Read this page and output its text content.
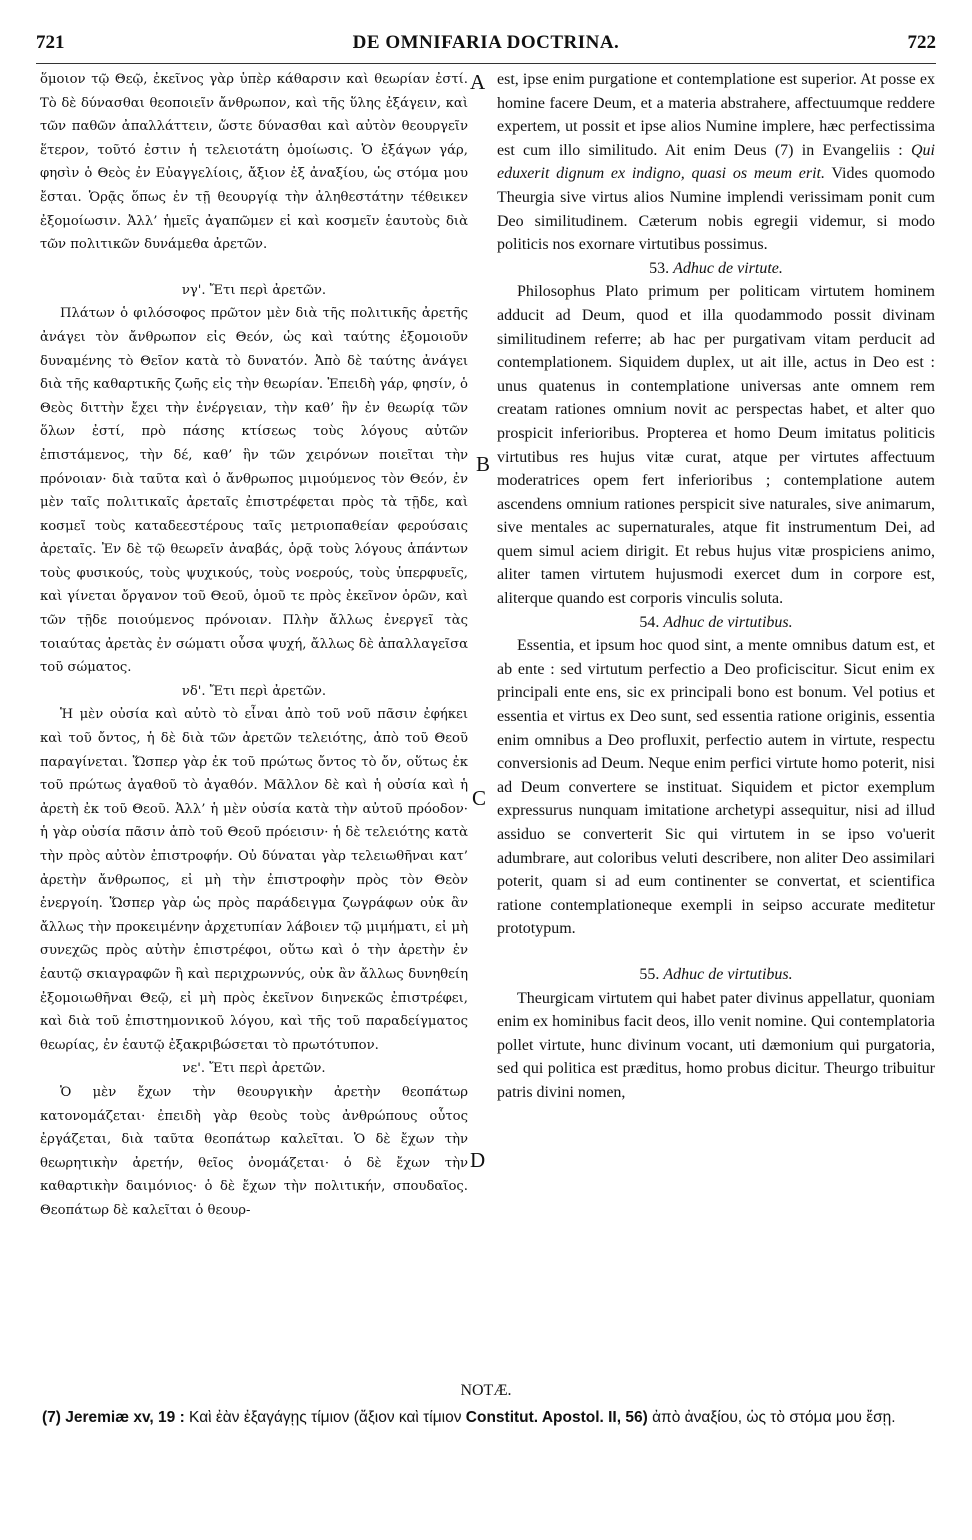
721	DE OMNIFARIA DOCTRINA.	722

ὅμοιον τῷ Θεῷ, ἐκεῖνος γὰρ ὑπὲρ κάθαρσιν καὶ θεωρίαν ἐστί. Τὸ δὲ δύνασθαι θεοποιεῖν ἄνθρωπον, καὶ τῆς ὕλης ἐξάγειν, καὶ τῶν παθῶν ἀπαλλάττειν, ὥστε δύνασθαι καὶ αὐτὸν θεουργεῖν ἕτερον, τοῦτό ἐστιν ἡ τελειοτάτη ὁμοίωσις. Ὁ ἐξάγων γάρ, φησὶν ὁ Θεὸς ἐν Εὐαγγελίοις, ἄξιον ἐξ ἀναξίου, ὡς στόμα μου ἔσται. Ὁρᾷς ὅπως ἐν τῇ θεουργίᾳ τὴν ἀληθεστάτην τέθεικεν ἐξομοίωσιν. Ἀλλ’ ἡμεῖς ἀγαπῶμεν εἰ καὶ κοσμεῖν ἑαυτοὺς διὰ τῶν πολιτικῶν δυνάμεθα ἀρετῶν.

νγ'. Ἔτι περὶ ἀρετῶν.

Πλάτων ὁ φιλόσοφος πρῶτον μὲν διὰ τῆς πολιτικῆς ἀρετῆς ἀνάγει τὸν ἄνθρωπον εἰς Θεόν, ὡς καὶ ταύτης ἐξομοιοῦν δυναμένης τὸ Θεῖον κατὰ τὸ δυνατόν. Ἀπὸ δὲ ταύτης ἀνάγει διὰ τῆς καθαρτικῆς ζωῆς εἰς τὴν θεωρίαν. Ἐπειδὴ γάρ, φησίν, ὁ Θεὸς διττὴν ἔχει τὴν ἐνέργειαν, τὴν καθ’ ἣν ἐν θεωρίᾳ τῶν ὅλων ἐστί, πρὸ πάσης κτίσεως τοὺς λόγους αὐτῶν ἐπιστάμενος, τὴν δέ, καθ’ ἣν τῶν χειρόνων ποιεῖται τὴν πρόνοιαν· διὰ ταῦτα καὶ ὁ ἄνθρωπος μιμούμενος τὸν Θεόν, ἐν μὲν ταῖς πολιτικαῖς ἀρεταῖς ἐπιστρέφεται πρὸς τὰ τῇδε, καὶ κοσμεῖ τοὺς καταδεεστέρους ταῖς μετριοπαθείαν φερούσαις ἀρεταῖς. Ἐν δὲ τῷ θεωρεῖν ἀναβάς, ὁρᾷ τοὺς λόγους ἁπάντων τοὺς φυσικούς, τοὺς ψυχικούς, τοὺς νοερούς, τοὺς ὑπερφυεῖς, καὶ γίνεται ὄργανον τοῦ Θεοῦ, ὁμοῦ τε πρὸς ἐκεῖνον ὁρῶν, καὶ τῶν τῇδε ποιούμενος πρόνοιαν. Πλὴν ἄλλως ἐνεργεῖ τὰς τοιαύτας ἀρετὰς ἐν σώματι οὖσα ψυχή, ἄλλως δὲ ἀπαλλαγεῖσα τοῦ σώματος.

νδ'. Ἔτι περὶ ἀρετῶν.

Ἡ μὲν οὐσία καὶ αὐτὸ τὸ εἶναι ἀπὸ τοῦ νοῦ πᾶσιν ἐφήκει καὶ τοῦ ὄντος, ἡ δὲ διὰ τῶν ἀρετῶν τελειότης, ἀπὸ τοῦ Θεοῦ παραγίνεται. Ὥσπερ γὰρ ἐκ τοῦ πρώτως ὄντος τὸ ὄν, οὕτως ἐκ τοῦ πρώτως ἀγαθοῦ τὸ ἀγαθόν. Μᾶλλον δὲ καὶ ἡ οὐσία καὶ ἡ ἀρετὴ ἐκ τοῦ Θεοῦ. Ἀλλ’ ἡ μὲν οὐσία κατὰ τὴν αὐτοῦ πρόοδον· ἡ γὰρ οὐσία πᾶσιν ἀπὸ τοῦ Θεοῦ πρόεισιν· ἡ δὲ τελειότης κατὰ τὴν πρὸς αὐτὸν ἐπιστροφήν. Οὐ δύναται γὰρ τελειωθῆναι κατ’ ἀρετὴν ἄνθρωπος, εἰ μὴ τὴν ἐπιστροφὴν πρὸς τὸν Θεὸν ἐνεργοίη. Ὥσπερ γὰρ ὡς πρὸς παράδειγμα ζωγράφων οὐκ ἂν ἄλλως τὴν προκειμένην ἀρχετυπίαν λάβοιεν τῷ μιμήματι, εἰ μὴ συνεχῶς πρὸς αὐτὴν ἐπιστρέφοι, οὕτω καὶ ὁ τὴν ἀρετὴν ἐν ἑαυτῷ σκιαγραφῶν ἢ καὶ περιχρωννύς, οὐκ ἂν ἄλλως δυνηθείη ἐξομοιωθῆναι Θεῷ, εἰ μὴ πρὸς ἐκεῖνον διηνεκῶς ἐπιστρέφει, καὶ διὰ τοῦ ἐπιστημονικοῦ λόγου, καὶ τῆς τοῦ παραδείγματος θεωρίας, ἐν ἑαυτῷ ἐξακριβώσεται τὸ πρωτότυπον.

νε'. Ἔτι περὶ ἀρετῶν.

Ὁ μὲν ἔχων τὴν θεουργικὴν ἀρετὴν θεοπάτωρ κατονομάζεται· ἐπειδὴ γὰρ θεοὺς τοὺς ἀνθρώπους οὗτος ἐργάζεται, διὰ ταῦτα θεοπάτωρ καλεῖται. Ὁ δὲ ἔχων τὴν θεωρητικὴν ἀρετήν, θεῖος ὀνομάζεται· ὁ δὲ ἔχων τὴν καθαρτικὴν δαιμόνιος· ὁ δὲ ἔχων τὴν πολιτικήν, σπουδαῖος. Θεοπάτωρ δὲ καλεῖται ὁ θεουρ-

est, ipse enim purgatione et contemplatione est superior. At posse ex homine facere Deum, et a materia abstrahere, affectuumque reddere expertem, ut possit et ipse alios Numine implere, hæc perfectissima est cum illo similitudo. Ait enim Deus (7) in Evangeliis : Qui eduxerit dignum ex indigno, quasi os meum erit. Vides quomodo Theurgia sive virtus alios Numine implendi verissimam ponit cum Deo similitudinem. Cæterum nobis egregii videmur, si modo politicis nos exornare virtutibus possimus.

53. Adhuc de virtute.

Philosophus Plato primum per politicam virtutem hominem adducit ad Deum, quod et illa quodammodo possit divinam similitudinem referre; ab hac per purgativam vitam perducit ad contemplationem. Siquidem duplex, ut ait ille, actus in Deo est : unus quatenus in contemplatione universas ante omnem rem creatam rationes omnium novit ac perspectas habet, et alter quo prospicit inferioribus. Propterea et homo Deum imitatus politicis virtutibus res hujus vitæ curat, atque per virtutes affectuum moderatrices opem fert inferioribus ; contemplatione autem ascendens omnium rationes perspicit sive naturales, sive animarum, sive mentales ac supernaturales, atque fit instrumentum Dei, ad quem simul aciem dirigit. Et rebus hujus vitæ prospiciens animo, aliter tamen virtutem hujusmodi exercet dum in corpore est, aliterque quando est corporis vinculis soluta.

54. Adhuc de virtutibus.

Essentia, et ipsum hoc quod sint, a mente omnibus datum est, et ab ente : sed virtutum perfectio a Deo proficiscitur. Sicut enim ex principali ente ens, sic ex principali bono est bonum. Vel potius et essentia et virtus ex Deo sunt, sed essentia ratione originis, essentia enim omnibus a Deo profluxit, perfectio autem in virtute, respectu conversionis ad Deum. Neque enim perfici virtute homo poterit, nisi ad Deum convertere se instituat. Siquidem et pictor exemplum expressurus nunquam imitatione archetypi assequitur, nisi ad illud assiduo se converterit Sic qui virtutem in se ipso vo'uerit adumbrare, aut coloribus veluti describere, non aliter Deo assimilari poterit, quam si ad eum continenter se convertat, et scientifica ratione contemplationeque exempli in seipso accurate meditetur prototypum.

55. Adhuc de virtutibus.

Theurgicam virtutem qui habet pater divinus appellatur, quoniam enim ex hominibus facit deos, illo venit nomine. Qui contemplatoria pollet virtute, hunc divinum vocant, uti dæmonium qui purgatoria, sed qui politica est præditus, homo probus dicitur. Theurgo tribuitur patris divini nomen,

A
B
C
D
NOTÆ.
(7) Jeremiæ xv, 19 : Καὶ ἐὰν ἐξαγάγῃς τίμιον (ἄξιον καὶ τίμιον Constitut. Apostol. II, 56) ἀπὸ ἀναξίου, ὡς τὸ στόμα μου ἔσῃ.
